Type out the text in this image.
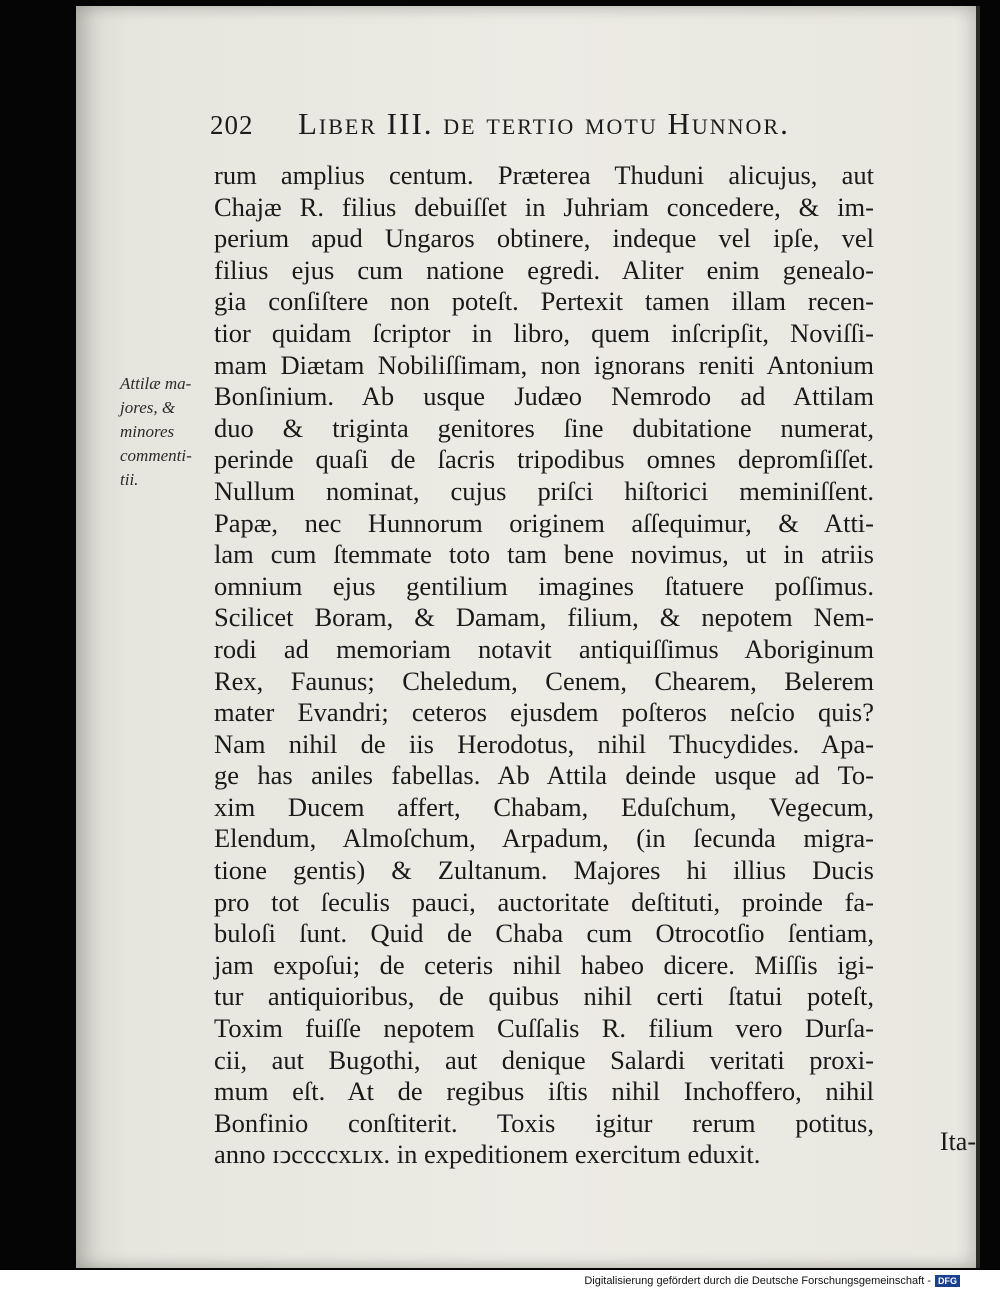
202 Liber III. de tertio motu Hunnor.
Attilæ ma-
jores, &
minores
commenti-
tii.
rum amplius centum. Præterea Thuduni alicujus, aut
Chajæ R. filius debuiſſet in Juhriam concedere, & im-
perium apud Ungaros obtinere, indeque vel ipſe, vel
filius ejus cum natione egredi. Aliter enim genealo-
gia conſiſtere non poteſt. Pertexit tamen illam recen-
tior quidam ſcriptor in libro, quem inſcripſit, Noviſſi-
mam Diætam Nobiliſſimam, non ignorans reniti Antonium
Bonſinium. Ab usque Judæo Nemrodo ad Attilam
duo & triginta genitores ſine dubitatione numerat,
perinde quaſi de ſacris tripodibus omnes depromſiſſet.
Nullum nominat, cujus priſci hiſtorici meminiſſent.
Papæ, nec Hunnorum originem aſſequimur, & Atti-
lam cum ſtemmate toto tam bene novimus, ut in atriis
omnium ejus gentilium imagines ſtatuere poſſimus.
Scilicet Boram, & Damam, filium, & nepotem Nem-
rodi ad memoriam notavit antiquiſſimus Aboriginum
Rex, Faunus; Cheledum, Cenem, Chearem, Belerem
mater Evandri; ceteros ejusdem poſteros neſcio quis?
Nam nihil de iis Herodotus, nihil Thucydides. Apa-
ge has aniles fabellas. Ab Attila deinde usque ad To-
xim Ducem affert, Chabam, Eduſchum, Vegecum,
Elendum, Almoſchum, Arpadum, (in ſecunda migra-
tione gentis) & Zultanum. Majores hi illius Ducis
pro tot ſeculis pauci, auctoritate deſtituti, proinde fa-
buloſi ſunt. Quid de Chaba cum Otrocotſio ſentiam,
jam expoſui; de ceteris nihil habeo dicere. Miſſis igi-
tur antiquioribus, de quibus nihil certi ſtatui poteſt,
Toxim fuiſſe nepotem Cuſſalis R. filium vero Durſa-
cii, aut Bugothi, aut denique Salardi veritati proxi-
mum eſt. At de regibus iſtis nihil Inchoffero, nihil
Bonfinio conſtiterit. Toxis igitur rerum potitus,
anno ɪↄccccxʟɪx. in expeditionem exercitum eduxit.	Ita-
Digitalisierung gefördert durch die Deutsche Forschungsgemeinschaft - DFG
